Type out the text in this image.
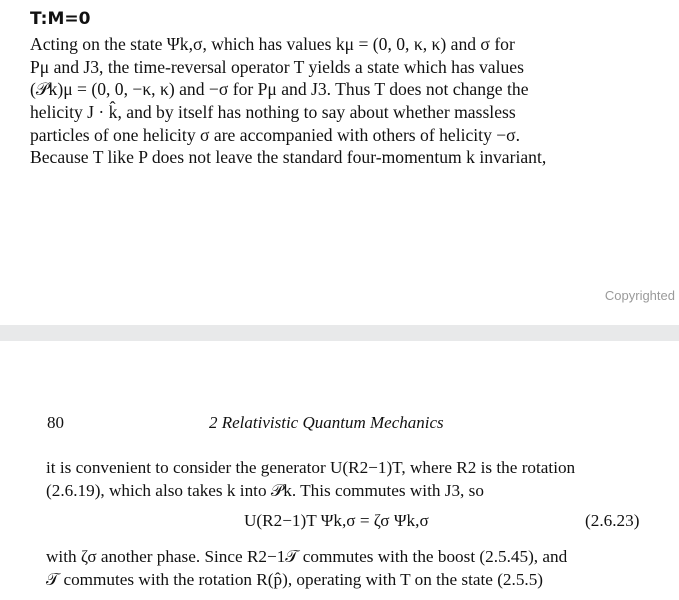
T:M=0
Acting on the state Ψk,σ, which has values kμ = (0, 0, κ, κ) and σ for
Pμ and J3, the time-reversal operator T yields a state which has values
(𝒫k)μ = (0, 0, −κ, κ) and −σ for Pμ and J3. Thus T does not change the
helicity J · k̂, and by itself has nothing to say about whether massless
particles of one helicity σ are accompanied with others of helicity −σ.
Because T like P does not leave the standard four-momentum k invariant,
Copyrighted
80	2 Relativistic Quantum Mechanics
it is convenient to consider the generator U(R2−1)T, where R2 is the rotation
(2.6.19), which also takes k into 𝒫k. This commutes with J3, so
U(R2−1)T Ψk,σ = ζσ Ψk,σ	(2.6.23)
with ζσ another phase. Since R2−1𝒯 commutes with the boost (2.5.45), and
𝒯 commutes with the rotation R(p̂), operating with T on the state (2.5.5)
